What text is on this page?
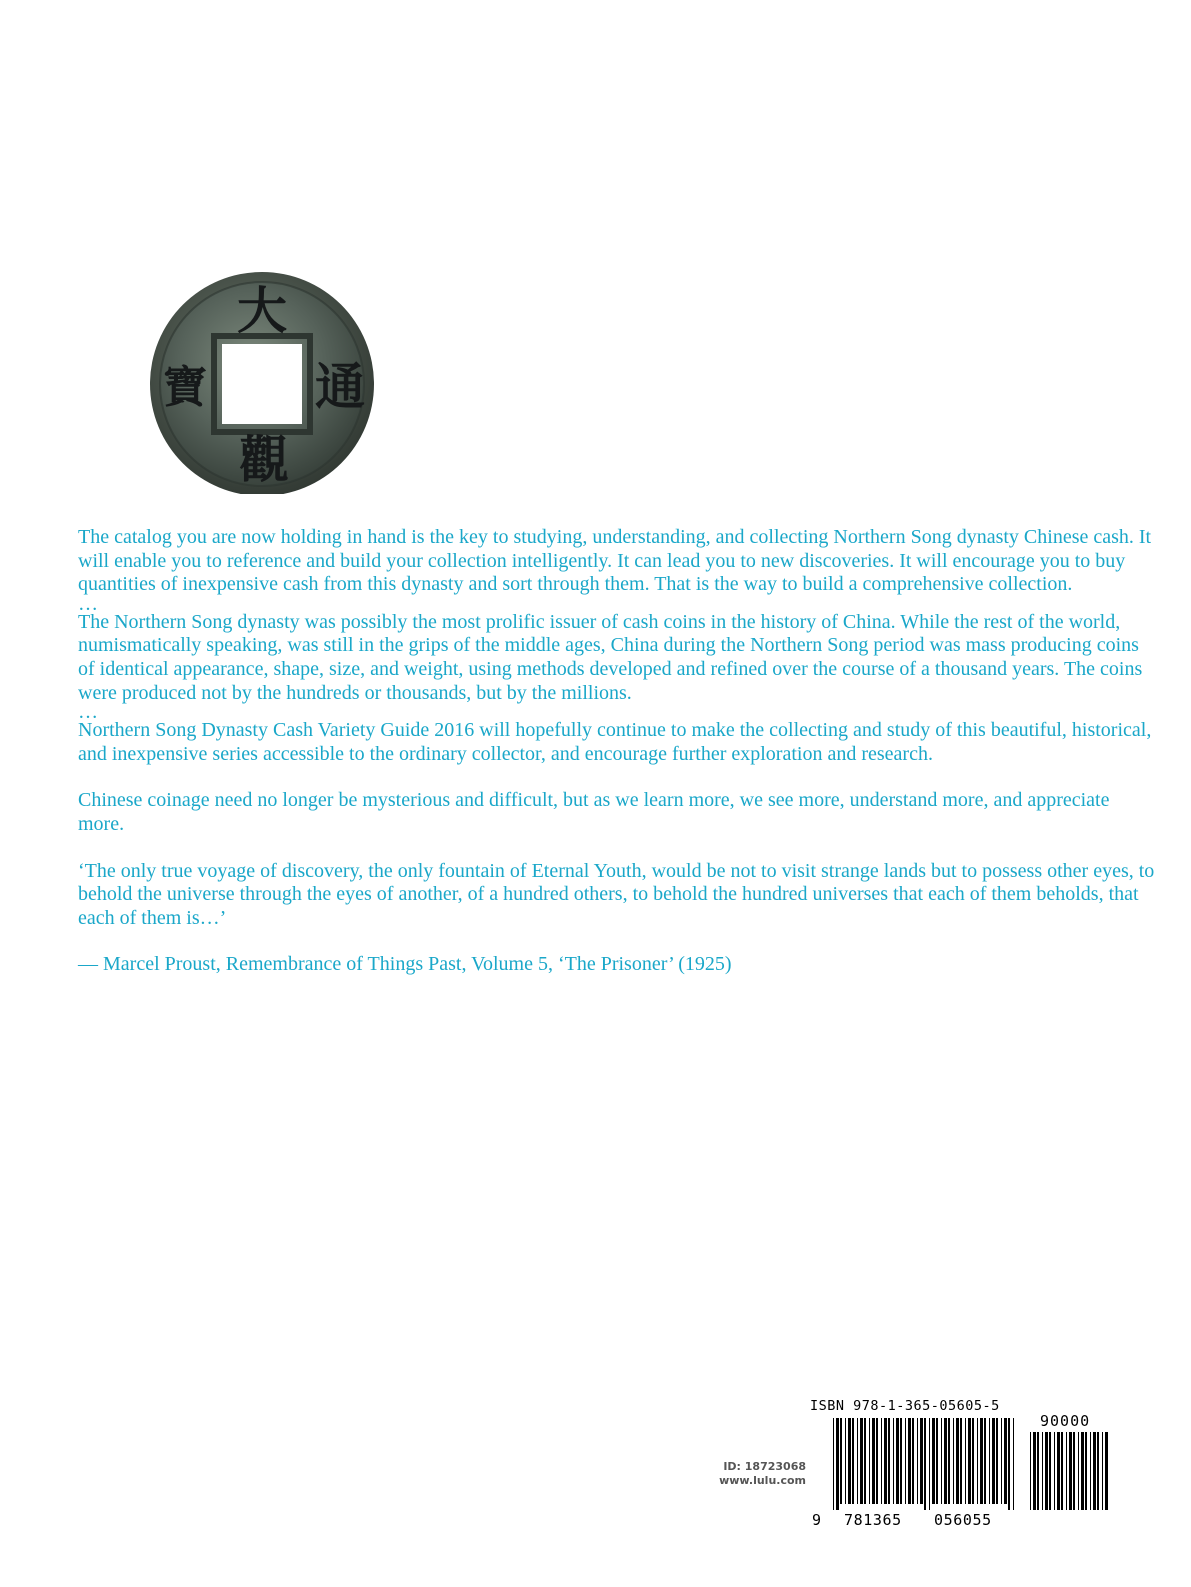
大
通
觀
寶

The catalog you are now holding in hand is the key to studying, understanding, and collecting Northern Song dynasty Chinese cash. It will enable you to reference and build your collection intelligently. It can lead you to new discoveries. It will encourage you to buy quantities of inexpensive cash from this dynasty and sort through them. That is the way to build a comprehensive collection.

…

The Northern Song dynasty was possibly the most prolific issuer of cash coins in the history of China. While the rest of the world, numismatically speaking, was still in the grips of the middle ages, China during the Northern Song period was mass producing coins of identical appearance, shape, size, and weight, using methods developed and refined over the course of a thousand years. The coins were produced not by the hundreds or thousands, but by the millions.

…

Northern Song Dynasty Cash Variety Guide 2016 will hopefully continue to make the collecting and study of this beautiful, historical, and inexpensive series accessible to the ordinary collector, and encourage further exploration and research.

Chinese coinage need no longer be mysterious and difficult, but as we learn more, we see more, understand more, and appreciate more.

‘The only true voyage of discovery, the only fountain of Eternal Youth, would be not to visit strange lands but to possess other eyes, to behold the universe through the eyes of another, of a hundred others, to behold the hundred universes that each of them beholds, that each of them is…’

— Marcel Proust, Remembrance of Things Past, Volume 5, ‘The Prisoner’ (1925)

ID: 18723068
www.lulu.com
ISBN 978-1-365-05605-5
90000
9 781365 056055
